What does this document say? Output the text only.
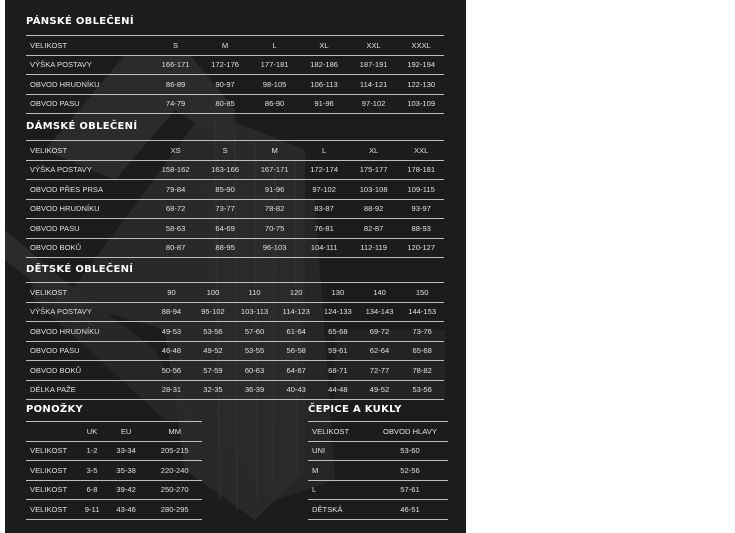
PÁNSKÉ OBLEČENÍ
VELIKOST	S	M	L	XL	XXL	XXXL
VÝŠKA POSTAVY	166-171	172-176	177-181	182-186	187-191	192-194
OBVOD HRUDNÍKU	86-89	90-97	98-105	106-113	114-121	122-130
OBVOD PASU	74-79	80-85	86-90	91-96	97-102	103-109
DÁMSKÉ OBLEČENÍ
VELIKOST	XS	S	M	L	XL	XXL
VÝŠKA POSTAVY	158-162	163-166	167-171	172-174	175-177	178-181
OBVOD PŘES PRSA	79-84	85-90	91-96	97-102	103-108	109-115
OBVOD HRUDNÍKU	68-72	73-77	78-82	83-87	88-92	93-97
OBVOD PASU	58-63	64-69	70-75	76-81	82-87	88-93
OBVOD BOKŮ	80-87	88-95	96-103	104-111	112-119	120-127
DĚTSKÉ OBLEČENÍ
VELIKOST	90	100	110	120	130	140	150
VÝŠKA POSTAVY	88-94	95-102	103-113	114-123	124-133	134-143	144-153
OBVOD HRUDNÍKU	49-53	53-56	57-60	61-64	65-68	69-72	73-76
OBVOD PASU	46-48	49-52	53-55	56-58	59-61	62-64	65-68
OBVOD BOKŮ	50-56	57-59	60-63	64-67	68-71	72-77	78-82
DÉLKA PAŽE	28-31	32-35	36-39	40-43	44-48	49-52	53-56
PONOŽKY
	UK	EU	MM
VELIKOST	1-2	33-34	205-215
VELIKOST	3-5	35-38	220-240
VELIKOST	6-8	39-42	250-270
VELIKOST	9-11	43-46	280-295
ČEPICE A KUKLY
VELIKOST	OBVOD HLAVY
UNI	53-60
M	52-56
L	57-61
DĚTSKÁ	46-51
